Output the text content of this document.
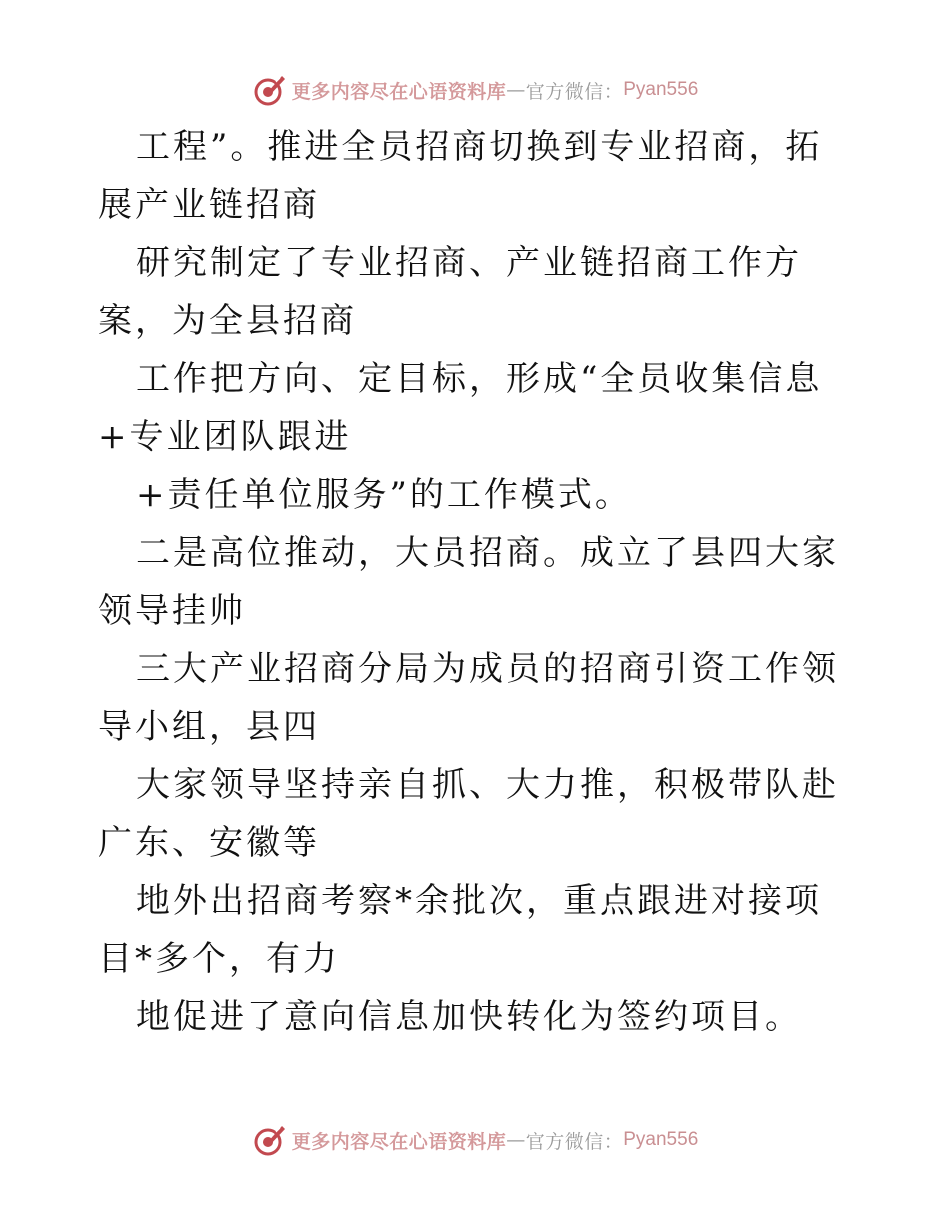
更多内容尽在心语资料库 — 官方微信： Pyan556

工程”。推进全员招商切换到专业招商，拓展产业链招商

研究制定了专业招商、产业链招商工作方案，为全县招商

工作把方向、定目标，形成“全员收集信息+专业团队跟进

+责任单位服务”的工作模式。

二是高位推动，大员招商。成立了县四大家领导挂帅

三大产业招商分局为成员的招商引资工作领导小组，县四

大家领导坚持亲自抓、大力推，积极带队赴广东、安徽等

地外出招商考察*余批次，重点跟进对接项目*多个，有力

地促进了意向信息加快转化为签约项目。

更多内容尽在心语资料库 — 官方微信： Pyan556
